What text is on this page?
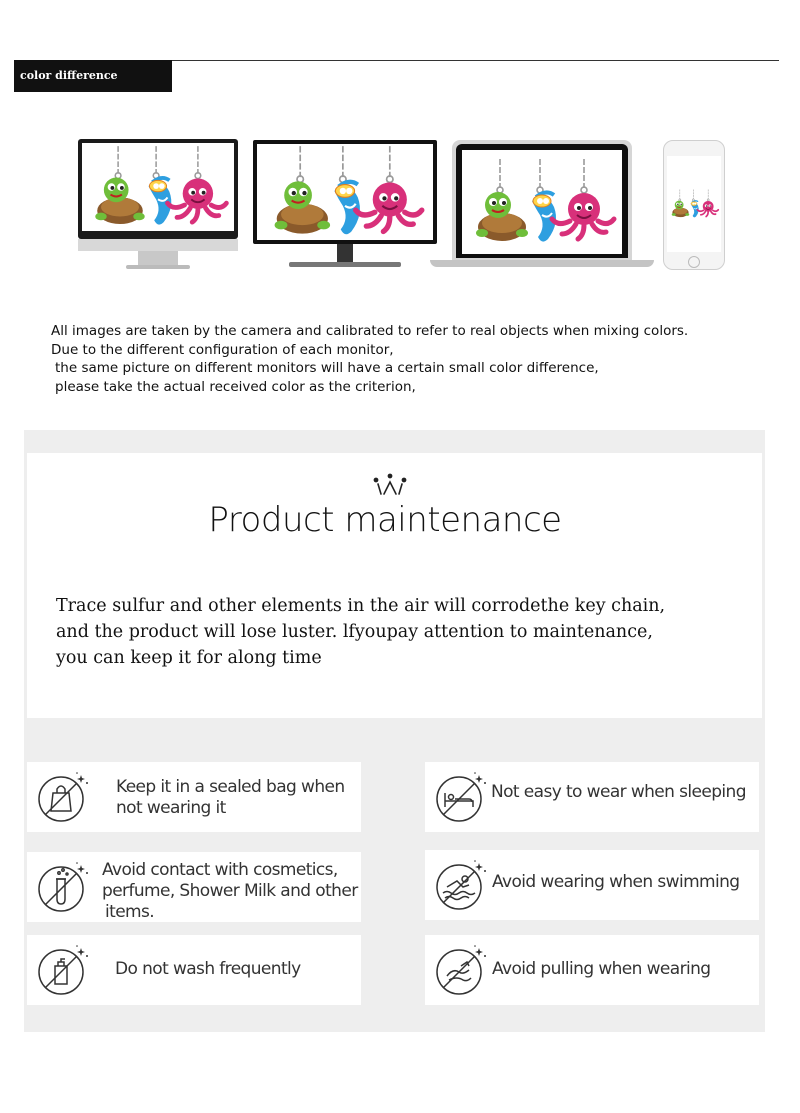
color difference problem
All images are taken by the camera and calibrated to refer to real objects when mixing colors.
Due to the different configuration of each monitor,
the same picture on different monitors will have a certain small color difference,
please take the actual received color as the criterion,
Product maintenance
Trace sulfur and other elements in the air will corrodethe key chain,
and the product will lose luster. lfyoupay attention to maintenance,
you can keep it for along time
Keep it in a sealed bag when
not wearing it
Not easy to wear when sleeping
Avoid contact with cosmetics,
perfume, Shower Milk and other
items.
Avoid wearing when swimming
Do not wash frequently	Avoid pulling when wearing
